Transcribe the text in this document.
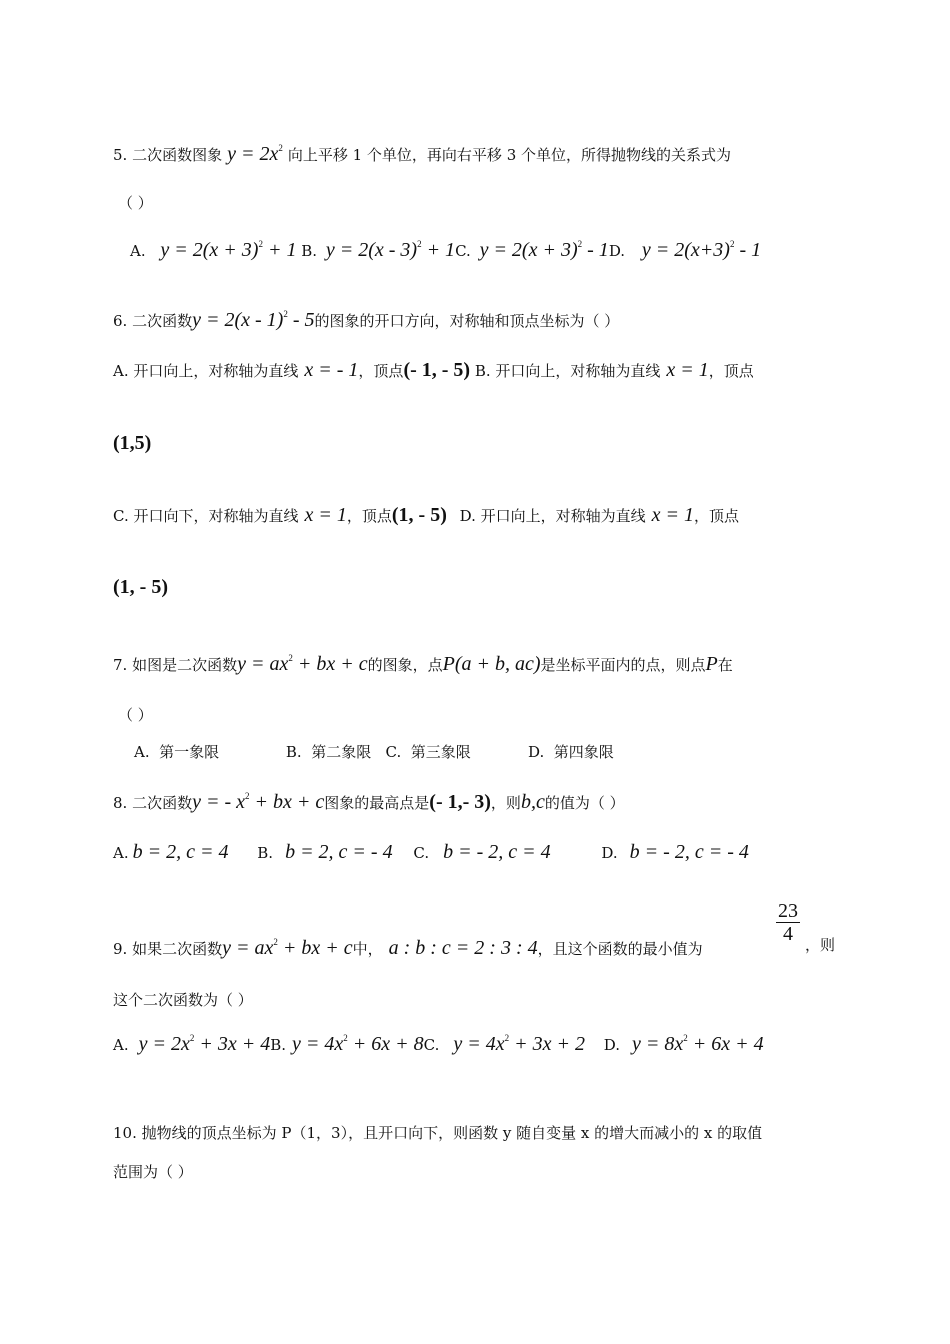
5. 二次函数图象 $y = 2x^2$ 向上平移 1 个单位，再向右平移 3 个单位，所得抛物线的关系式为
（ ）
A. $y = 2(x + 3)^2 + 1$ B. y = 2(x - 3)$^2$ + 1C. $y = 2(x + 3)^2 - 1D$. $y = 2(x+3)^2 - 1$
6. 二次函数y = 2(x - 1)$^2$ - 5的图象的开口方向，对称轴和顶点坐标为（ ）
A. 开口向上，对称轴为直线 x = - 1，顶点(- 1, - 5) B. 开口向上，对称轴为直线 x = 1，顶点
(1,5)
C. 开口向下，对称轴为直线 x = 1，顶点(1, - 5) D. 开口向上，对称轴为直线 x = 1，顶点
(1, - 5)
7. 如图是二次函数$y = ax^2$ + bx + c的图象，点P(a + b, ac)是坐标平面内的点，则点P在
（ ）
A.  第一象限              B.  第二象限   C.  第三象限            D.  第四象限
8. 二次函数y = - $x^2$ + bx + c图象的最高点是(- 1,- 3)，则b,c的值为（ ）
A. b = 2, c = 4 B. b = 2, c = - 4 C. b = - 2, c = 4	D. b = - 2, c = - 4
9. 如果二次函数$y = ax^2$ + bx + c中， a : b : c = 2 : 3 : 4，且这个函数的最小值为
$\frac{23}{4}$ ，则
这个二次函数为（ ）
A. $y = 2x^2 + 3x + 4B$. $y = 4x^2 + 6x + 8C$. $y = 4x^2 + 3x + 2$ D. $y = 8x^2 + 6x + 4$
10. 抛物线的顶点坐标为 P（1，3），且开口向下，则函数 y 随自变量 x 的增大而减小的 x 的取值
范围为（ ）
